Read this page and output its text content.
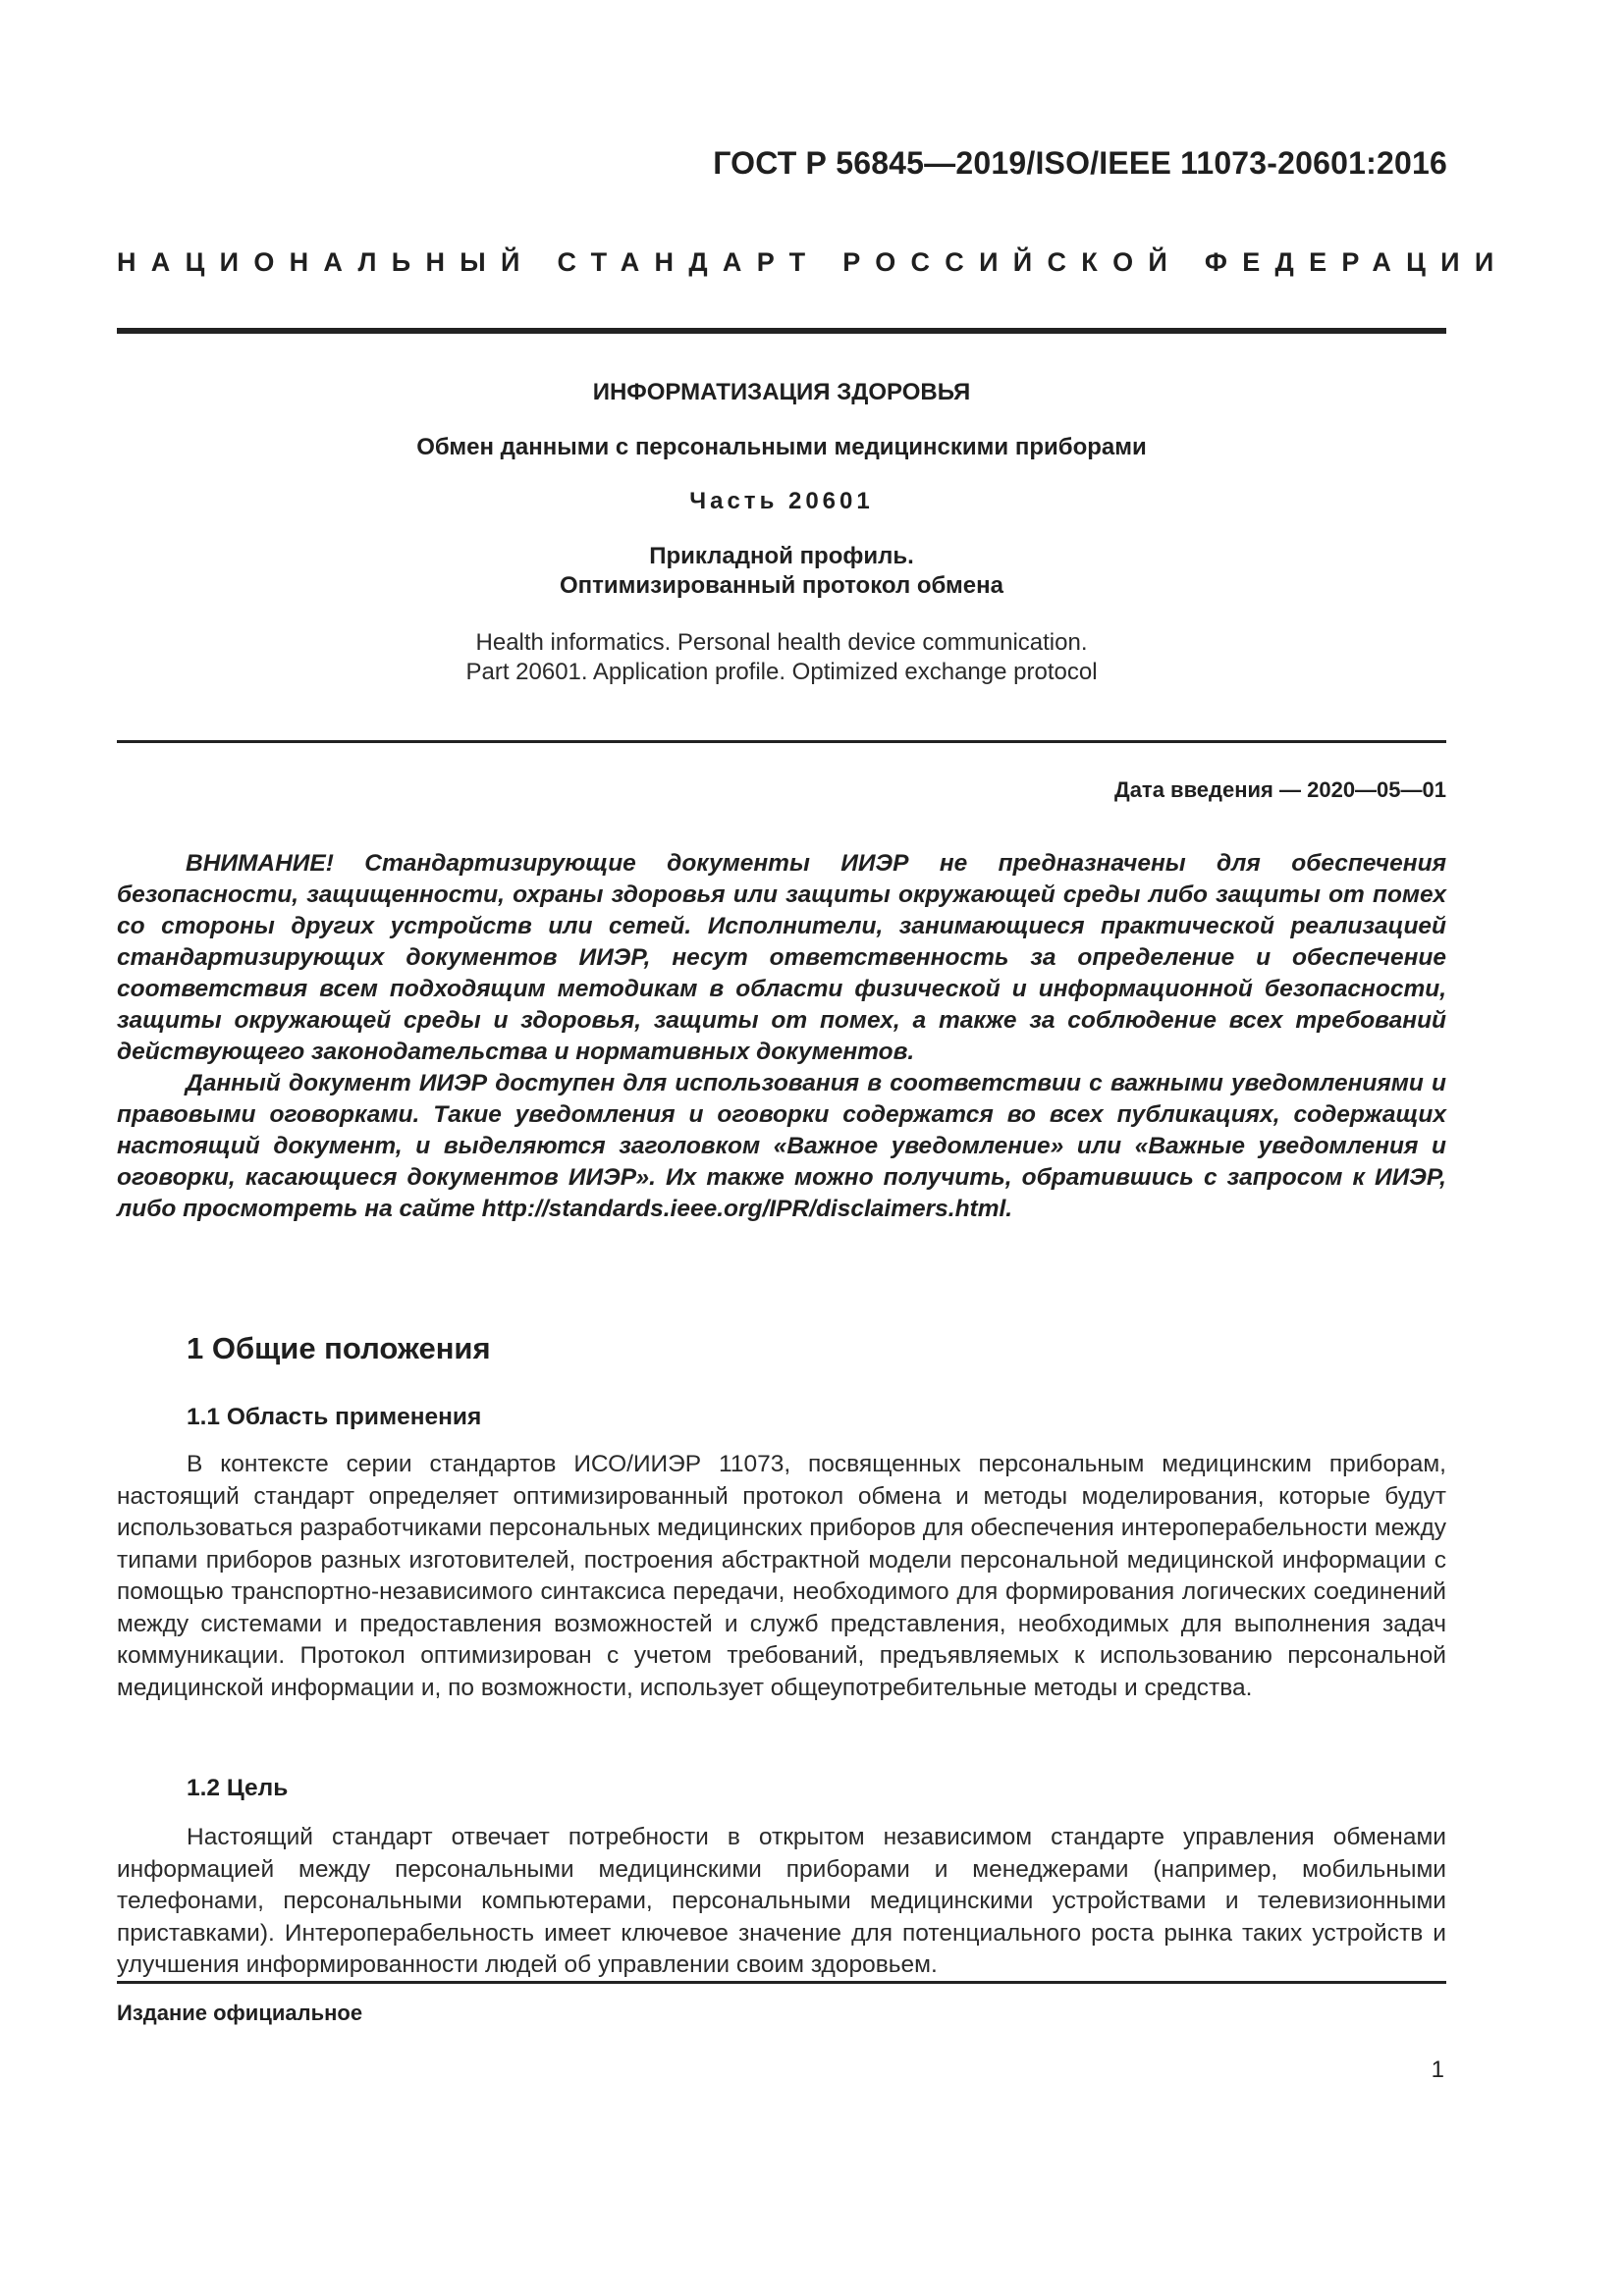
ГОСТ Р 56845—2019/ISO/IEEE 11073-20601:2016
НАЦИОНАЛЬНЫЙ СТАНДАРТ РОССИЙСКОЙ ФЕДЕРАЦИИ
ИНФОРМАТИЗАЦИЯ ЗДОРОВЬЯ
Обмен данными с персональными медицинскими приборами
Часть 20601
Прикладной профиль.
Оптимизированный протокол обмена
Health informatics. Personal health device communication.
Part 20601. Application profile. Optimized exchange protocol
Дата введения — 2020—05—01

ВНИМАНИЕ! Стандартизирующие документы ИИЭР не предназначены для обеспечения безопасности, защищенности, охраны здоровья или защиты окружающей среды либо защиты от помех со стороны других устройств или сетей. Исполнители, занимающиеся практической реализацией стандартизирующих документов ИИЭР, несут ответственность за определение и обеспечение соответствия всем подходящим методикам в области физической и информационной безопасности, защиты окружающей среды и здоровья, защиты от помех, а также за соблюдение всех требований действующего законодательства и нормативных документов.

Данный документ ИИЭР доступен для использования в соответствии с важными уведомлениями и правовыми оговорками. Такие уведомления и оговорки содержатся во всех публикациях, содержащих настоящий документ, и выделяются заголовком «Важное уведомление» или «Важные уведомления и оговорки, касающиеся документов ИИЭР». Их также можно получить, обратившись с запросом к ИИЭР, либо просмотреть на сайте http://standards.ieee.org/IPR/disclaimers.html.

1 Общие положения
1.1 Область применения

В контексте серии стандартов ИСО/ИИЭР 11073, посвященных персональным медицинским приборам, настоящий стандарт определяет оптимизированный протокол обмена и методы моделирования, которые будут использоваться разработчиками персональных медицинских приборов для обеспечения интероперабельности между типами приборов разных изготовителей, построения абстрактной модели персональной медицинской информации с помощью транспортно-независимого синтаксиса передачи, необходимого для формирования логических соединений между системами и предоставления возможностей и служб представления, необходимых для выполнения задач коммуникации. Протокол оптимизирован с учетом требований, предъявляемых к использованию персональной медицинской информации и, по возможности, использует общеупотребительные методы и средства.

1.2 Цель

Настоящий стандарт отвечает потребности в открытом независимом стандарте управления обменами информацией между персональными медицинскими приборами и менеджерами (например, мобильными телефонами, персональными компьютерами, персональными медицинскими устройствами и телевизионными приставками). Интероперабельность имеет ключевое значение для потенциального роста рынка таких устройств и улучшения информированности людей об управлении своим здоровьем.

Издание официальное
1
